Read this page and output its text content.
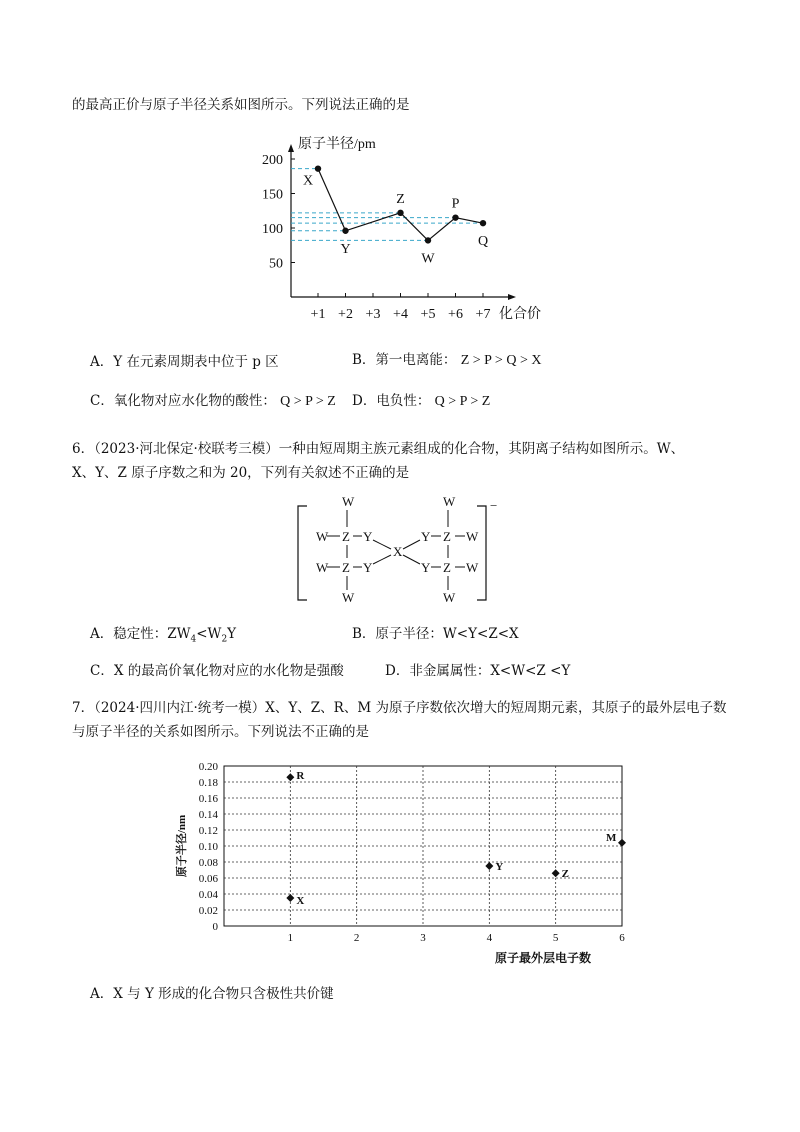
的最高正价与原子半径关系如图所示。下列说法正确的是
原子半径/pm
化合价
200
150
100
50
+1 +2 +3 +4 +5 +6 +7
X
Y
Z
W
P
Q
A．Y 在元素周期表中位于 p 区	B．第一电离能： Z > P > Q > X
C．氧化物对应水化物的酸性： Q > P > Z D．电负性： Q > P > Z
6．（2023·河北保定·校联考三模）一种由短周期主族元素组成的化合物，其阴离子结构如图所示。W、
X、Y、Z 原子序数之和为 20，下列有关叙述不正确的是
−
W
W Z Y
W Z Y
W
X
W
Y Z W
Y Z W
W
A．稳定性：$ZW_4<W_2Y$	B．原子半径：W<Y<Z<X
C．X 的最高价氧化物对应的水化物是强酸	D．非金属属性：X<W<Z <Y
7．（2024·四川内江·统考一模）X、Y、Z、R、M 为原子序数依次增大的短周期元素，其原子的最外层电子数
与原子半径的关系如图所示。下列说法不正确的是
0.20
0.18
0.16
0.14
0.12
0.10
0.08
0.06
0.04
0.02
0
1	2	3	4	5	6
原子半径/nm
原子最外层电子数
R
X
Y
Z
M
A．X 与 Y 形成的化合物只含极性共价键
